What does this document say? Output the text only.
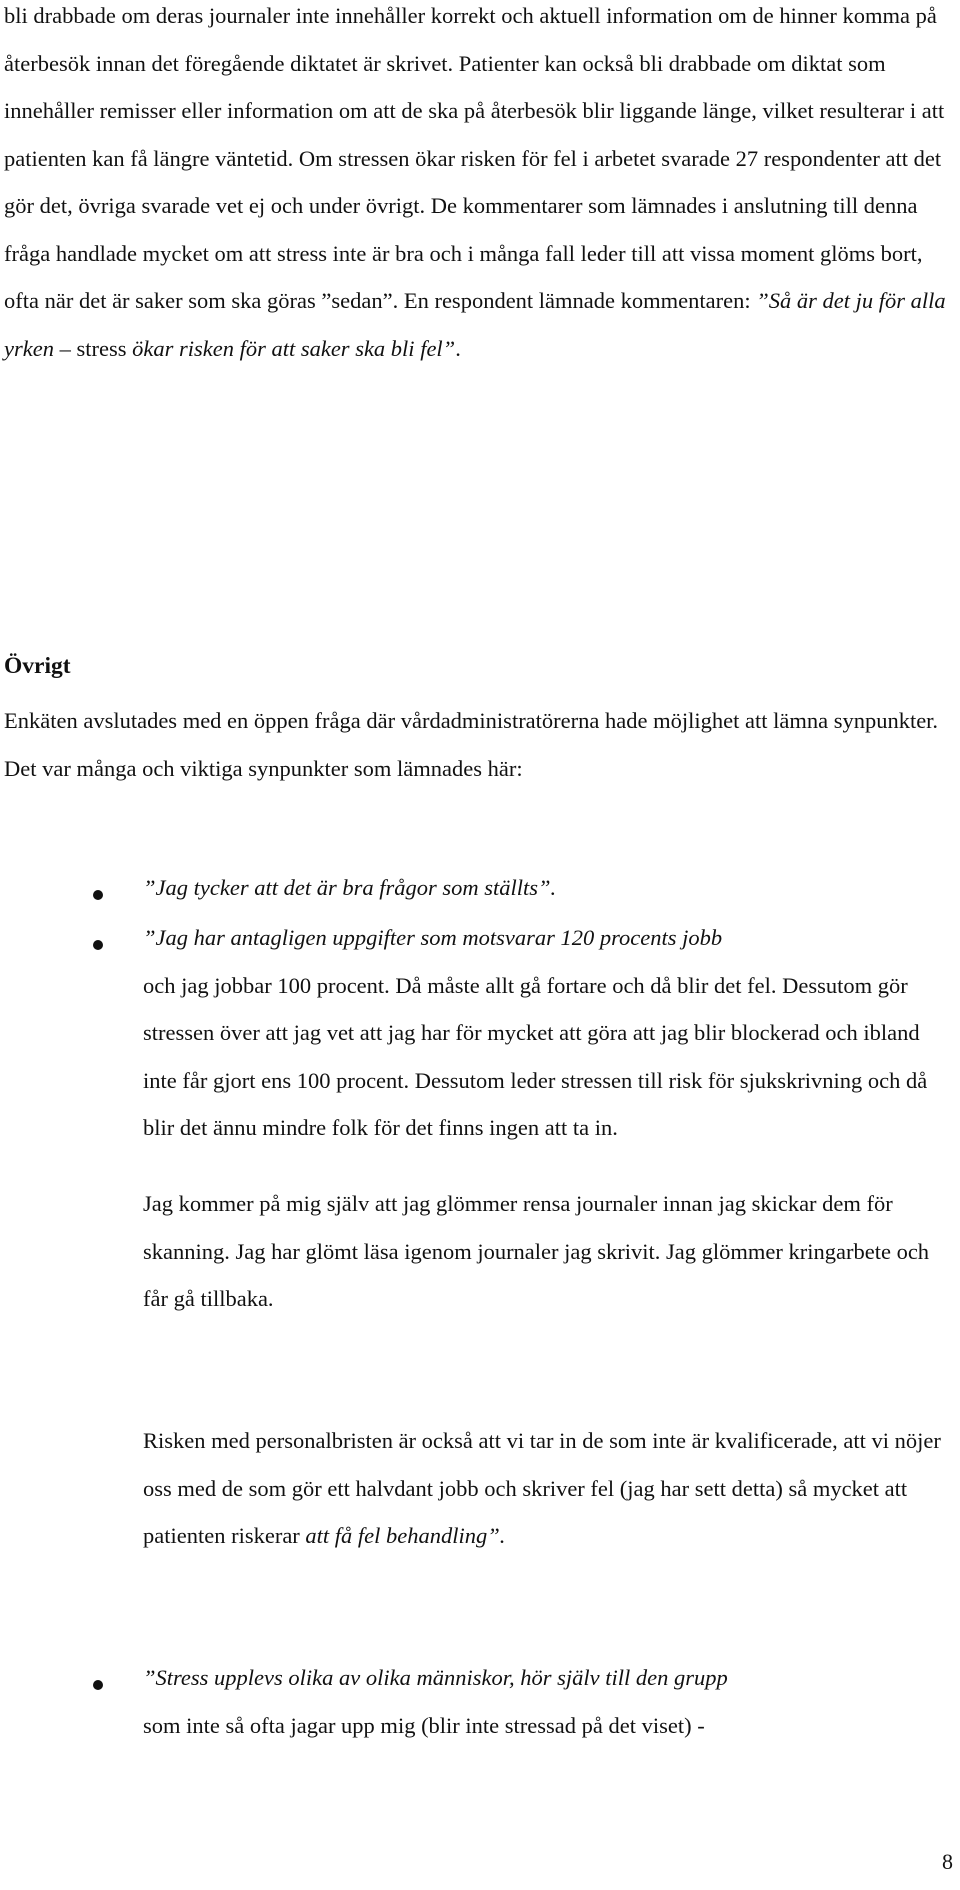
bli drabbade om deras journaler inte innehåller korrekt och aktuell information om de hinner komma på återbesök innan det föregående diktatet är skrivet. Patienter kan också bli drabbade om diktat som innehåller remisser eller information om att de ska på återbesök blir liggande länge, vilket resulterar i att patienten kan få längre väntetid. Om stressen ökar risken för fel i arbetet svarade 27 respondenter att det gör det, övriga svarade vet ej och under övrigt. De kommentarer som lämnades i anslutning till denna fråga handlade mycket om att stress inte är bra och i många fall leder till att vissa moment glöms bort, ofta när det är saker som ska göras ”sedan”. En respondent lämnade kommentaren: ”Så är det ju för alla yrken – stress ökar risken för att saker ska bli fel”.

Övrigt

Enkäten avslutades med en öppen fråga där vårdadministratörerna hade möjlighet att lämna synpunkter. Det var många och viktiga synpunkter som lämnades här:

”Jag tycker att det är bra frågor som ställts”.

”Jag har antagligen uppgifter som motsvarar 120 procents jobb
och jag jobbar 100 procent. Då måste allt gå fortare och då blir det fel. Dessutom gör stressen över att jag vet att jag har för mycket att göra att jag blir blockerad och ibland inte får gjort ens 100 procent. Dessutom leder stressen till risk för sjukskrivning och då blir det ännu mindre folk för det finns ingen att ta in.

Jag kommer på mig själv att jag glömmer rensa journaler innan jag skickar dem för skanning. Jag har glömt läsa igenom journaler jag skrivit. Jag glömmer kringarbete och får gå tillbaka.

Risken med personalbristen är också att vi tar in de som inte är kvalificerade, att vi nöjer oss med de som gör ett halvdant jobb och skriver fel (jag har sett detta) så mycket att patienten riskerar att få fel behandling”.

”Stress upplevs olika av olika människor, hör själv till den grupp
som inte så ofta jagar upp mig (blir inte stressad på det viset) -

8
